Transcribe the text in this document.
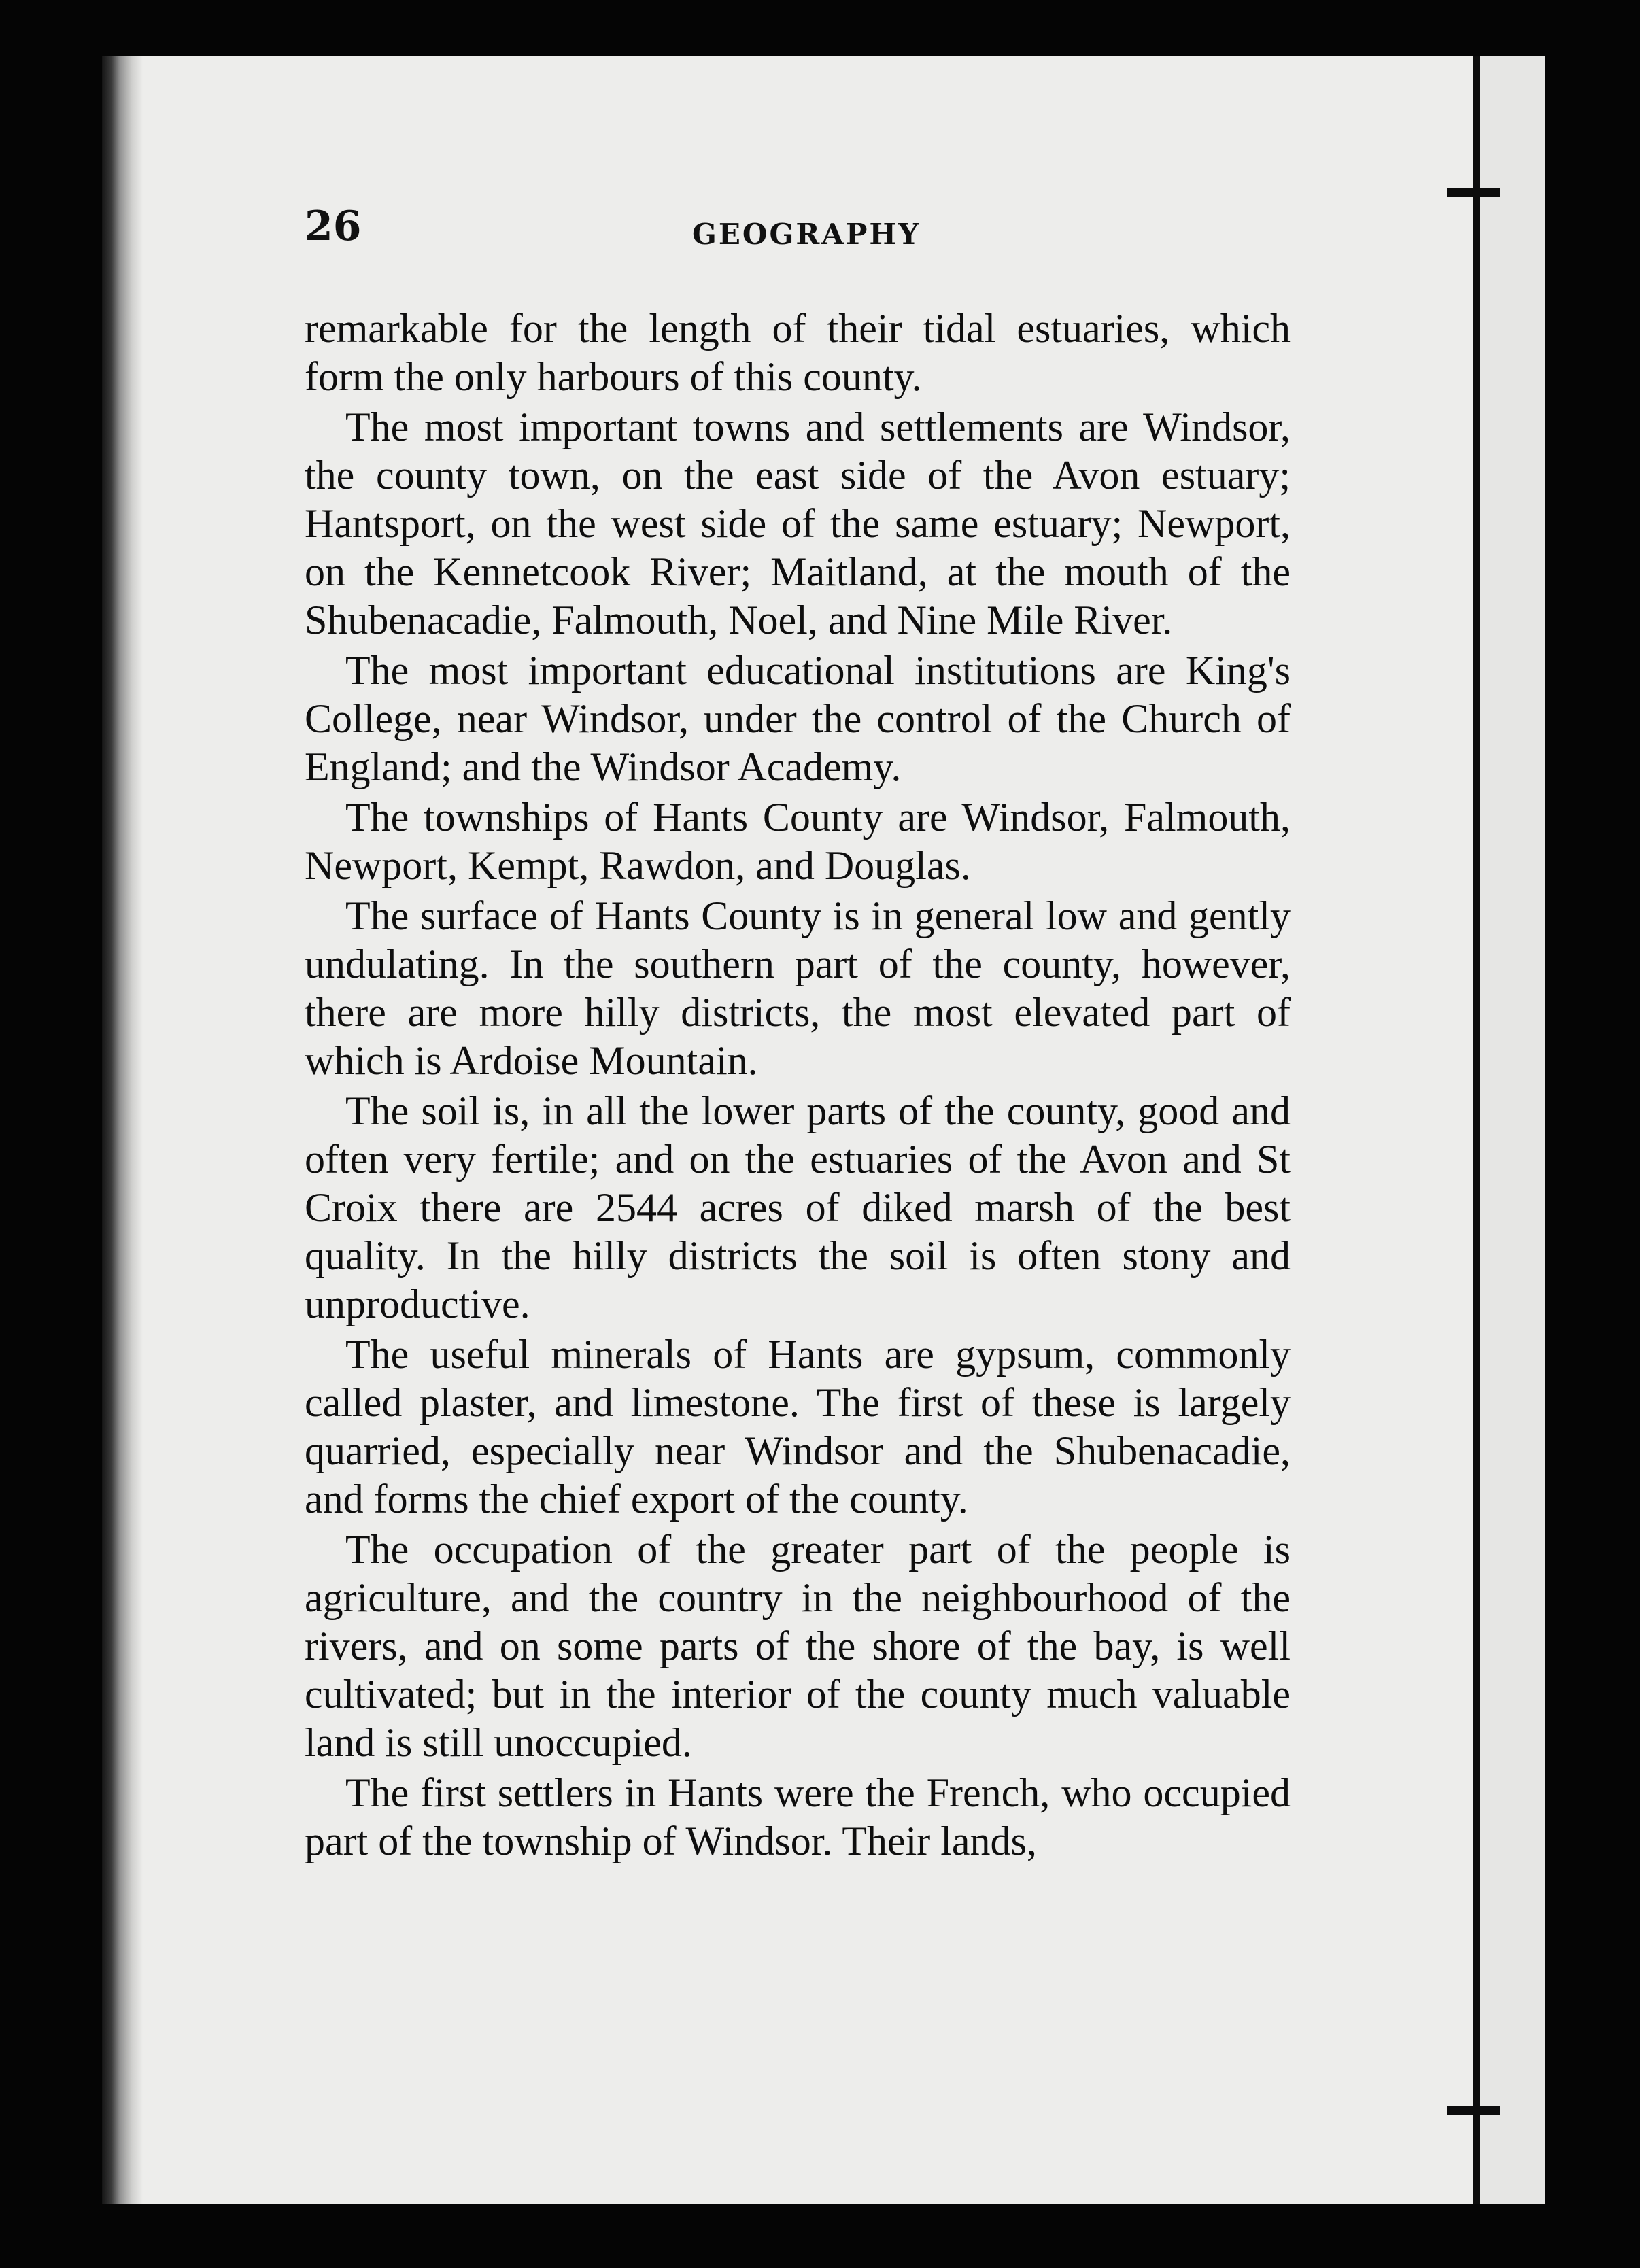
26	GEOGRAPHY

remarkable for the length of their tidal estuaries, which form the only harbours of this county.

The most important towns and settlements are Windsor, the county town, on the east side of the Avon estuary; Hantsport, on the west side of the same estuary; Newport, on the Kennetcook River; Maitland, at the mouth of the Shubenacadie, Falmouth, Noel, and Nine Mile River.

The most important educational institutions are King's College, near Windsor, under the control of the Church of England; and the Windsor Academy.

The townships of Hants County are Windsor, Falmouth, Newport, Kempt, Rawdon, and Douglas.

The surface of Hants County is in general low and gently undulating. In the southern part of the county, however, there are more hilly districts, the most elevated part of which is Ardoise Mountain.

The soil is, in all the lower parts of the county, good and often very fertile; and on the estuaries of the Avon and St Croix there are 2544 acres of diked marsh of the best quality. In the hilly districts the soil is often stony and unproductive.

The useful minerals of Hants are gypsum, commonly called plaster, and limestone. The first of these is largely quarried, especially near Windsor and the Shubenacadie, and forms the chief export of the county.

The occupation of the greater part of the people is agriculture, and the country in the neighbourhood of the rivers, and on some parts of the shore of the bay, is well cultivated; but in the interior of the county much valuable land is still unoccupied.

The first settlers in Hants were the French, who occupied part of the township of Windsor. Their lands,
